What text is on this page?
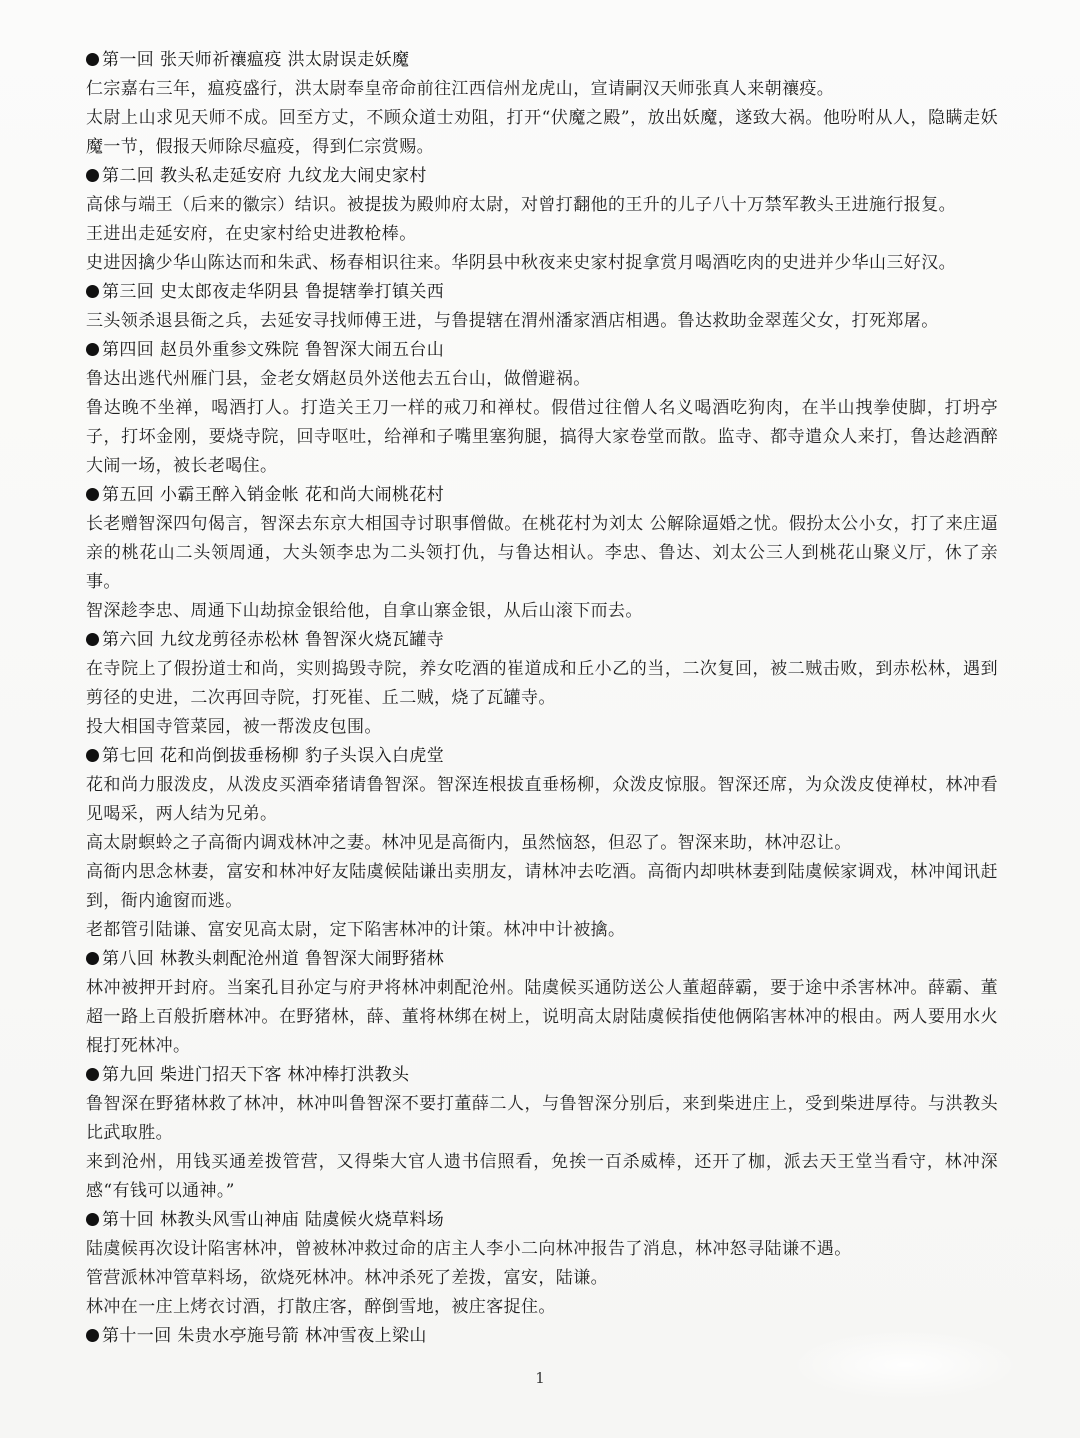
第一回 张天师祈禳瘟疫 洪太尉误走妖魔

仁宗嘉右三年，瘟疫盛行，洪太尉奉皇帝命前往江西信州龙虎山，宣请嗣汉天师张真人来朝禳疫。

太尉上山求见天师不成。回至方丈，不顾众道士劝阻，打开“伏魔之殿”，放出妖魔，遂致大祸。他吩咐从人，隐瞒走妖魔一节，假报天师除尽瘟疫，得到仁宗赏赐。

第二回 教头私走延安府 九纹龙大闹史家村

高俅与端王（后来的徽宗）结识。被提拔为殿帅府太尉，对曾打翻他的王升的儿子八十万禁军教头王进施行报复。

王进出走延安府，在史家村给史进教枪棒。

史进因擒少华山陈达而和朱武、杨春相识往来。华阴县中秋夜来史家村捉拿赏月喝酒吃肉的史进并少华山三好汉。

第三回 史太郎夜走华阴县 鲁提辖拳打镇关西

三头领杀退县衙之兵，去延安寻找师傅王进，与鲁提辖在渭州潘家酒店相遇。鲁达救助金翠莲父女，打死郑屠。

第四回 赵员外重参文殊院 鲁智深大闹五台山

鲁达出逃代州雁门县，金老女婿赵员外送他去五台山，做僧避祸。

鲁达晚不坐禅，喝酒打人。打造关王刀一样的戒刀和禅杖。假借过往僧人名义喝酒吃狗肉，在半山拽拳使脚，打坍亭子，打坏金刚，要烧寺院，回寺呕吐，给禅和子嘴里塞狗腿，搞得大家卷堂而散。监寺、都寺遣众人来打，鲁达趁酒醉大闹一场，被长老喝住。

第五回 小霸王醉入销金帐 花和尚大闹桃花村

长老赠智深四句偈言，智深去东京大相国寺讨职事僧做。在桃花村为刘太 公解除逼婚之忧。假扮太公小女，打了来庄逼亲的桃花山二头领周通，大头领李忠为二头领打仇，与鲁达相认。李忠、鲁达、刘太公三人到桃花山聚义厅，休了亲事。

智深趁李忠、周通下山劫掠金银给他，自拿山寨金银，从后山滚下而去。

第六回 九纹龙剪径赤松林 鲁智深火烧瓦罐寺

在寺院上了假扮道士和尚，实则捣毁寺院，养女吃酒的崔道成和丘小乙的当，二次复回，被二贼击败，到赤松林，遇到剪径的史进，二次再回寺院，打死崔、丘二贼，烧了瓦罐寺。

投大相国寺管菜园，被一帮泼皮包围。

第七回 花和尚倒拔垂杨柳 豹子头误入白虎堂

花和尚力服泼皮，从泼皮买酒牵猪请鲁智深。智深连根拔直垂杨柳，众泼皮惊服。智深还席，为众泼皮使禅杖，林冲看见喝采，两人结为兄弟。

高太尉螟蛉之子高衙内调戏林冲之妻。林冲见是高衙内，虽然恼怒，但忍了。智深来助，林冲忍让。

高衙内思念林妻，富安和林冲好友陆虞候陆谦出卖朋友，请林冲去吃酒。高衙内却哄林妻到陆虞候家调戏，林冲闻讯赶到，衙内逾窗而逃。

老都管引陆谦、富安见高太尉，定下陷害林冲的计策。林冲中计被擒。

第八回 林教头刺配沧州道 鲁智深大闹野猪林

林冲被押开封府。当案孔目孙定与府尹将林冲刺配沧州。陆虞候买通防送公人董超薛霸，要于途中杀害林冲。薛霸、董超一路上百般折磨林冲。在野猪林，薛、董将林绑在树上，说明高太尉陆虞候指使他俩陷害林冲的根由。两人要用水火棍打死林冲。

第九回 柴进门招天下客 林冲棒打洪教头

鲁智深在野猪林救了林冲，林冲叫鲁智深不要打董薛二人，与鲁智深分别后，来到柴进庄上，受到柴进厚待。与洪教头比武取胜。

来到沧州，用钱买通差拨管营，又得柴大官人遗书信照看，免挨一百杀威棒，还开了枷，派去天王堂当看守，林冲深感“有钱可以通神。”

第十回 林教头风雪山神庙 陆虞候火烧草料场

陆虞候再次设计陷害林冲，曾被林冲救过命的店主人李小二向林冲报告了消息，林冲怒寻陆谦不遇。

管营派林冲管草料场，欲烧死林冲。林冲杀死了差拨，富安，陆谦。

林冲在一庄上烤衣讨酒，打散庄客，醉倒雪地，被庄客捉住。

第十一回 朱贵水亭施号箭 林冲雪夜上梁山
1
